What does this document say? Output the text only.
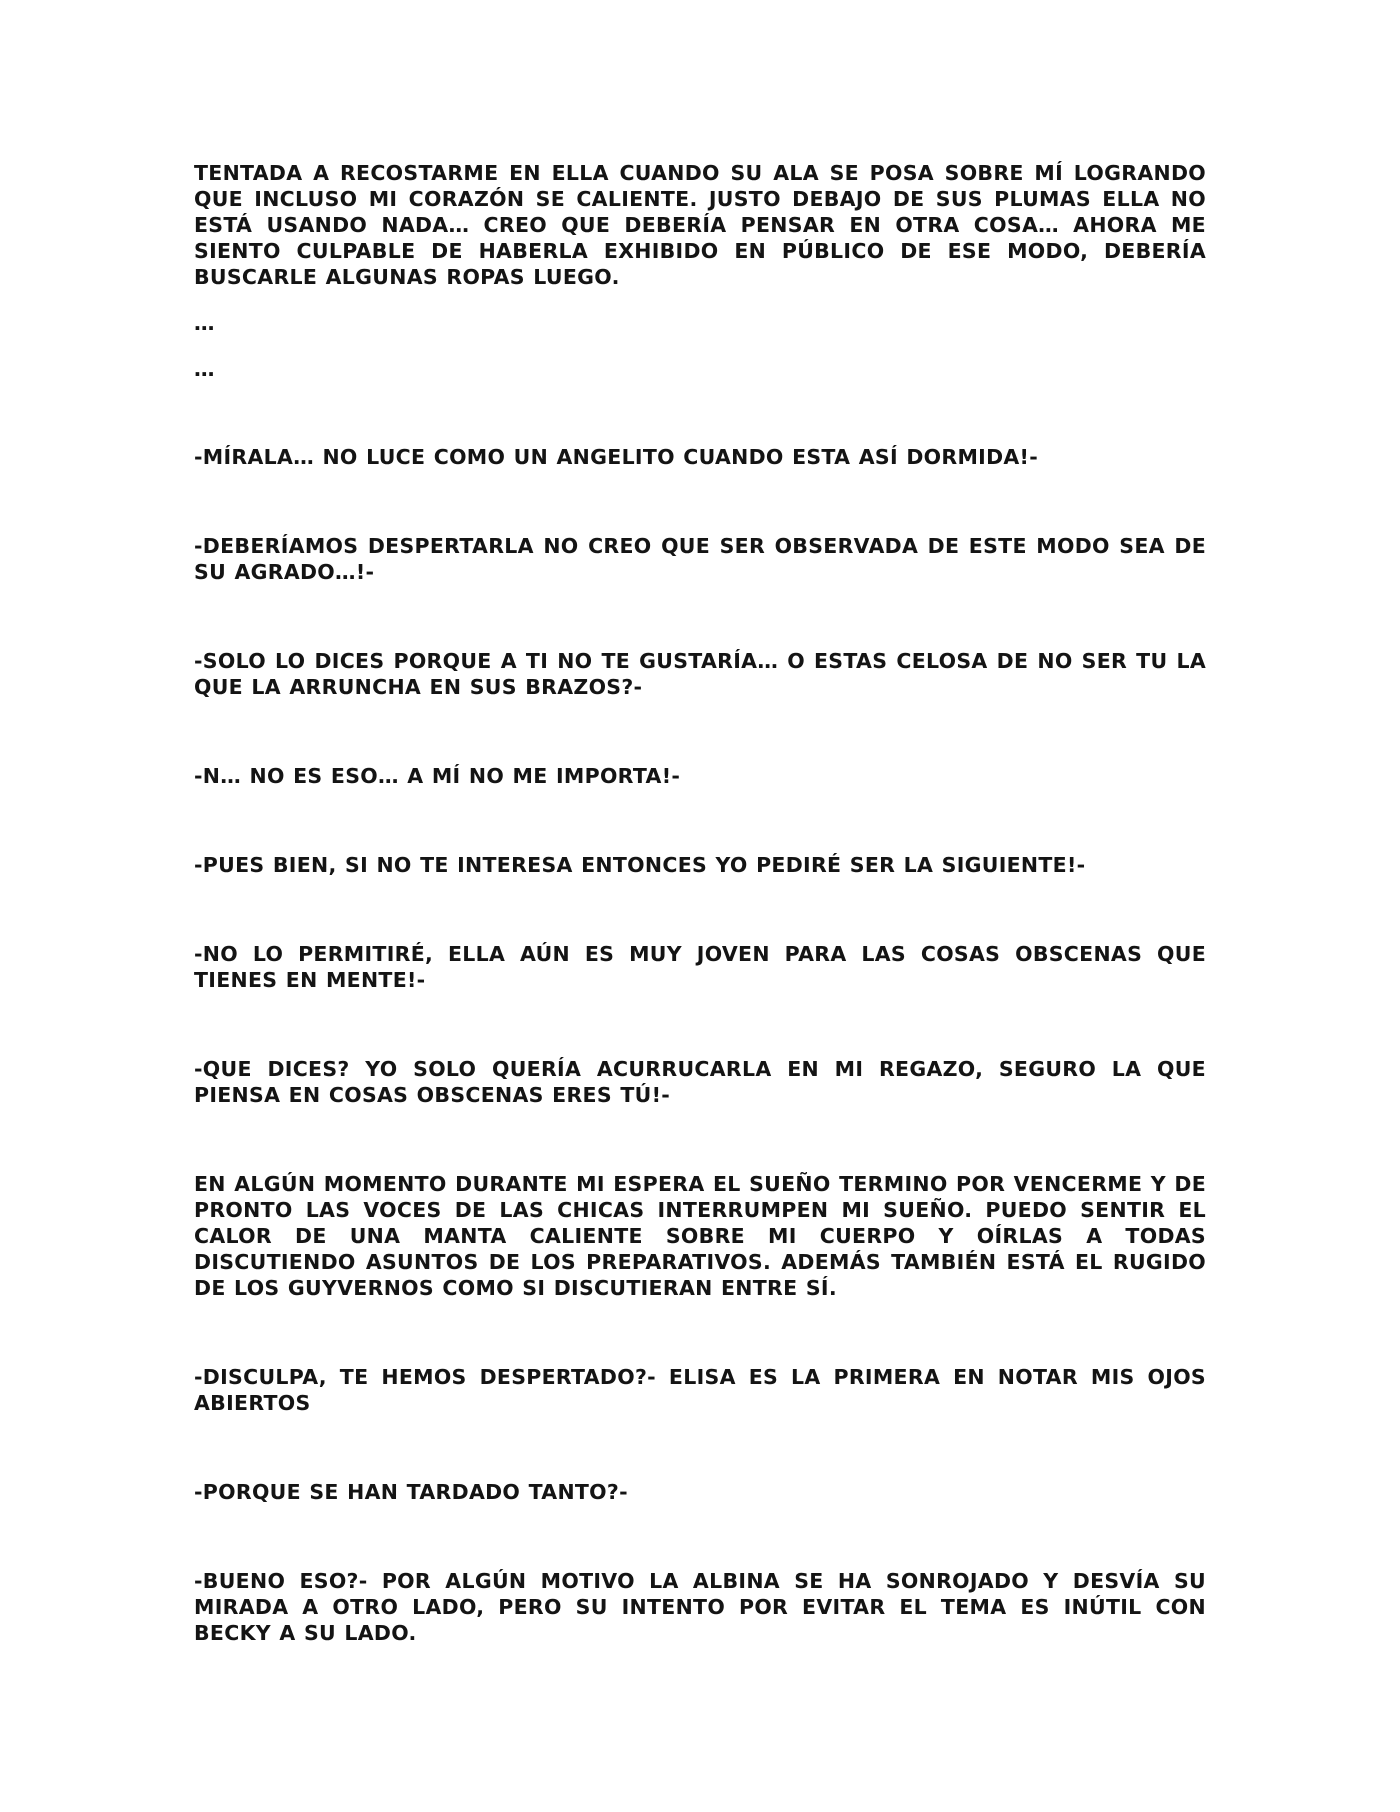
TENTADA A RECOSTARME EN ELLA CUANDO SU ALA SE POSA SOBRE MÍ LOGRANDO QUE INCLUSO MI CORAZÓN SE CALIENTE. JUSTO DEBAJO DE SUS PLUMAS ELLA NO ESTÁ USANDO NADA… CREO QUE DEBERÍA PENSAR EN OTRA COSA… AHORA ME SIENTO CULPABLE DE HABERLA EXHIBIDO EN PÚBLICO DE ESE MODO, DEBERÍA BUSCARLE ALGUNAS ROPAS LUEGO.

…

…

-MÍRALA… NO LUCE COMO UN ANGELITO CUANDO ESTA ASÍ DORMIDA!-

-DEBERÍAMOS DESPERTARLA NO CREO QUE SER OBSERVADA DE ESTE MODO SEA DE SU AGRADO…!-

-SOLO LO DICES PORQUE A TI NO TE GUSTARÍA… O ESTAS CELOSA DE NO SER TU LA QUE LA ARRUNCHA EN SUS BRAZOS?-

-N… NO ES ESO… A MÍ NO ME IMPORTA!-

-PUES BIEN, SI NO TE INTERESA ENTONCES YO PEDIRÉ SER LA SIGUIENTE!-

-NO LO PERMITIRÉ, ELLA AÚN ES MUY JOVEN PARA LAS COSAS OBSCENAS QUE TIENES EN MENTE!-

-QUE DICES? YO SOLO QUERÍA ACURRUCARLA EN MI REGAZO, SEGURO LA QUE PIENSA EN COSAS OBSCENAS ERES TÚ!-

EN ALGÚN MOMENTO DURANTE MI ESPERA EL SUEÑO TERMINO POR VENCERME Y DE PRONTO LAS VOCES DE LAS CHICAS INTERRUMPEN MI SUEÑO. PUEDO SENTIR EL CALOR DE UNA MANTA CALIENTE SOBRE MI CUERPO Y OÍRLAS A TODAS DISCUTIENDO ASUNTOS DE LOS PREPARATIVOS. ADEMÁS TAMBIÉN ESTÁ EL RUGIDO DE LOS GUYVERNOS COMO SI DISCUTIERAN ENTRE SÍ.

-DISCULPA, TE HEMOS DESPERTADO?- ELISA ES LA PRIMERA EN NOTAR MIS OJOS ABIERTOS

-PORQUE SE HAN TARDADO TANTO?-

-BUENO ESO?- POR ALGÚN MOTIVO LA ALBINA SE HA SONROJADO Y DESVÍA SU MIRADA A OTRO LADO, PERO SU INTENTO POR EVITAR EL TEMA ES INÚTIL CON BECKY A SU LADO.
